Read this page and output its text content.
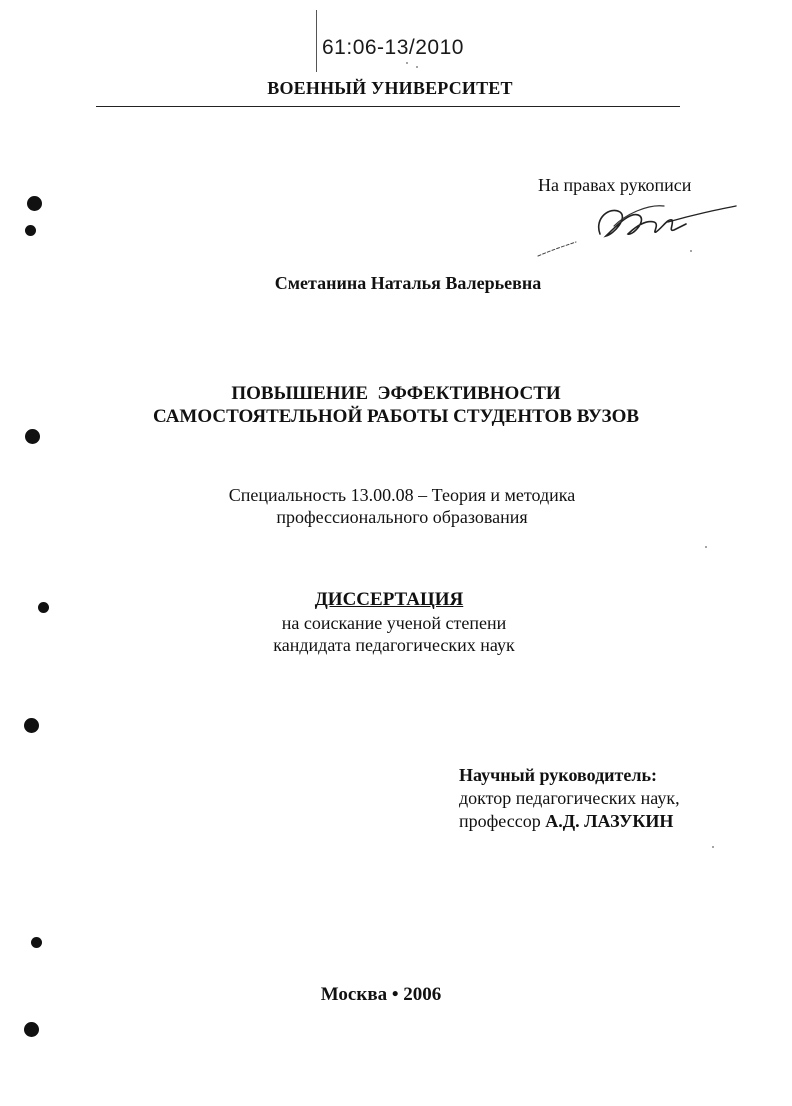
61:06-13/2010
ВОЕННЫЙ УНИВЕРСИТЕТ
На правах рукописи
Сметанина Наталья Валерьевна
ПОВЫШЕНИЕ  ЭФФЕКТИВНОСТИ
САМОСТОЯТЕЛЬНОЙ РАБОТЫ СТУДЕНТОВ ВУЗОВ
Специальность 13.00.08 – Теория и методика
профессионального образования
ДИССЕРТАЦИЯ
на соискание ученой степени
кандидата педагогических наук
Научный руководитель:
доктор педагогических наук,
профессор А.Д. ЛАЗУКИН
Москва • 2006
